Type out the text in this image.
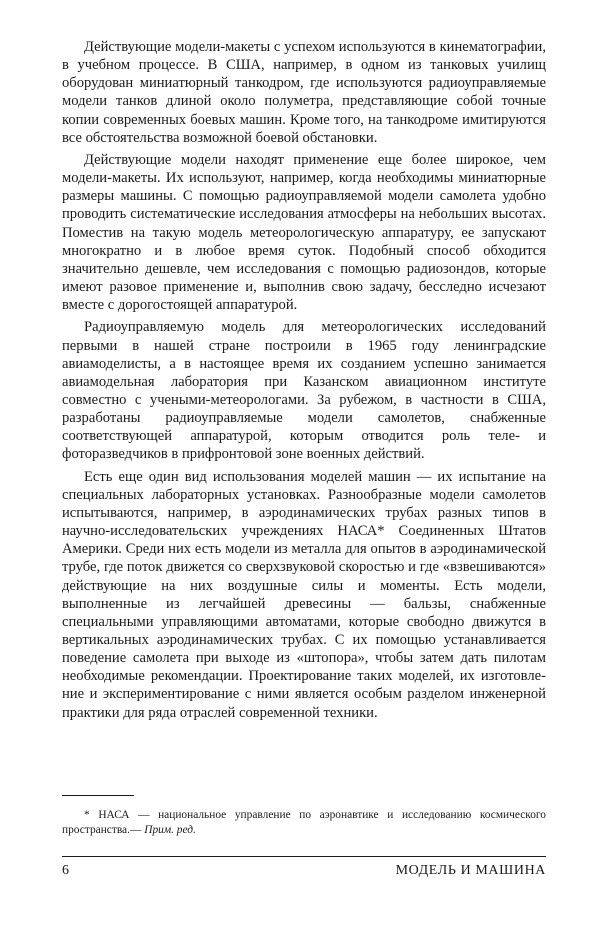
Действующие модели-макеты с успехом используются в кинематографии, в учебном процессе. В США, например, в одном из танковых училищ оборудован миниатюрный танкодром, где используются радиоуправляемые модели танков длиной около полуметра, представляющие собой точные копии современных боевых машин. Кроме того, на танкодроме имитируются все обстоятельства возможной боевой обстановки.

Действующие модели находят применение еще более широкое, чем модели-макеты. Их используют, например, когда необходимы миниатюрные размеры машины. С помощью радиоуправляемой модели самолета удобно проводить систематические исследования атмосферы на небольших высотах. Поместив на такую модель метеорологическую аппаратуру, ее запускают многократно и в любое время суток. Подобный способ обходится значительно дешевле, чем исследования с помощью радиозондов, которые имеют разовое применение и, выполнив свою задачу, бесследно исчезают вместе с дорогостоящей аппаратурой.

Радиоуправляемую модель для метеорологических исследований первыми в нашей стране построили в 1965 году ленинградские авиамоделисты, а в настоящее время их созданием успешно занимается авиамодельная лаборатория при Казанском авиационном институте совместно с учеными-метеорологами. За рубежом, в частности в США, разработаны радиоуправляемые модели самолетов, снабженные соответствующей аппаратурой, которым отводится роль теле- и фоторазведчиков в прифронтовой зоне военных действий.

Есть еще один вид использования моделей машин — их испытание на специальных лабораторных установках. Разнообразные модели самолетов испытываются, например, в аэродинамических трубах разных типов в научно-исследовательских учреждениях НАСА* Соединенных Штатов Америки. Среди них есть модели из металла для опытов в аэродинамической трубе, где поток движется со сверхзвуковой скоростью и где «взвешиваются» действующие на них воздушные силы и моменты. Есть модели, выполненные из легчайшей древесины — бальзы, снабженные специальными управляющими автоматами, которые свободно движутся в вертикальных аэродинамических трубах. С их помощью устанавливается поведение самолета при выходе из «штопора», чтобы затем дать пилотам необходимые рекомендации. Проектирование таких моделей, их изготовление и экспериментирование с ними является особым разделом инженерной практики для ряда отраслей современной техники.

* НАСА — национальное управление по аэронавтике и исследованию космического пространства.— Прим. ред.

6	МОДЕЛЬ И МАШИНА
